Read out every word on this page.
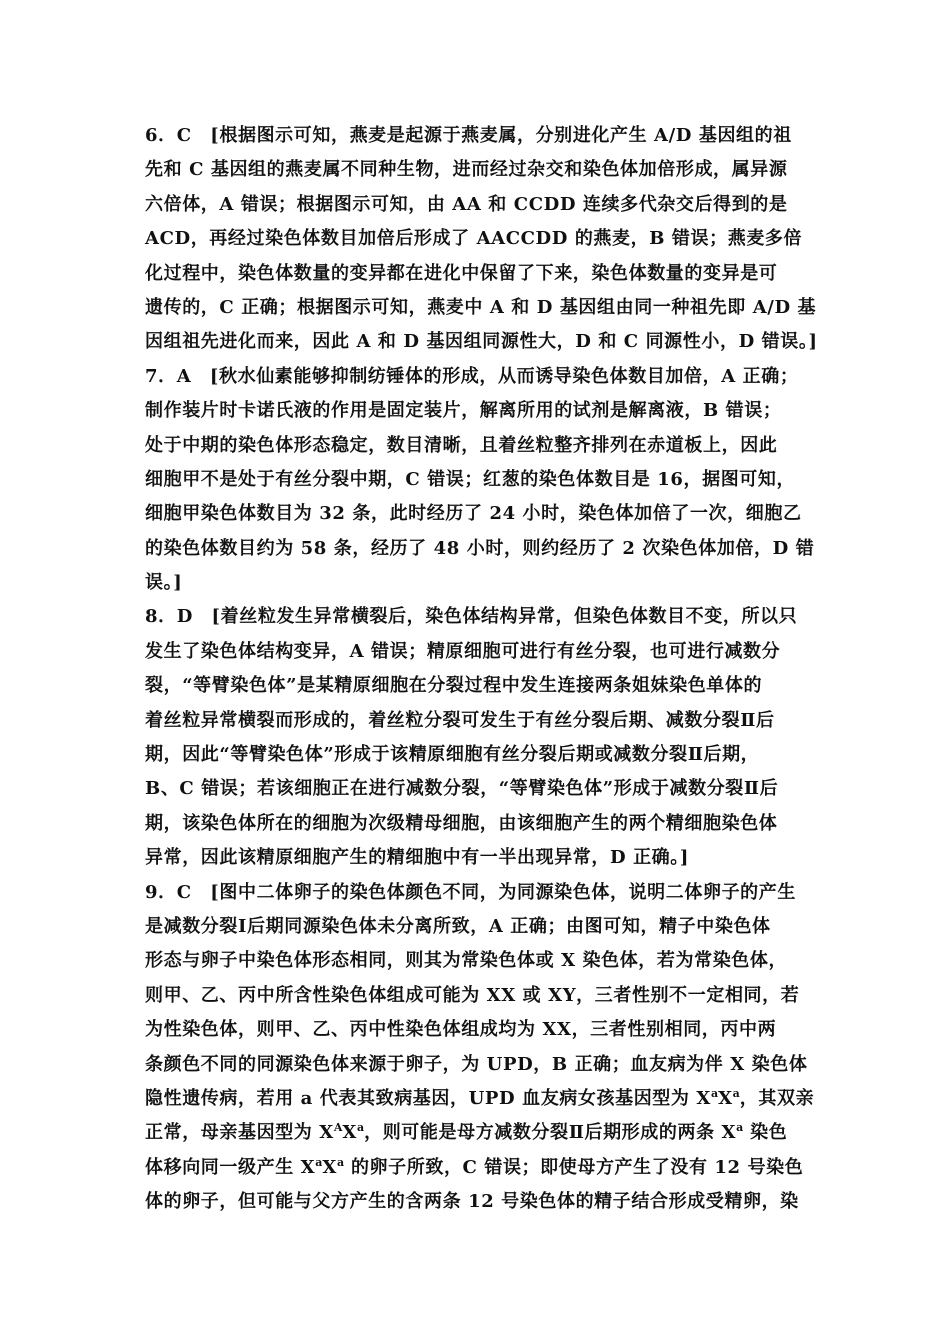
6．C　[根据图示可知，燕麦是起源于燕麦属，分别进化产生 A/D 基因组的祖
先和 C 基因组的燕麦属不同种生物，进而经过杂交和染色体加倍形成，属异源
六倍体，A 错误；根据图示可知，由 AA 和 CCDD 连续多代杂交后得到的是
ACD，再经过染色体数目加倍后形成了 AACCDD 的燕麦，B 错误；燕麦多倍
化过程中，染色体数量的变异都在进化中保留了下来，染色体数量的变异是可
遗传的，C 正确；根据图示可知，燕麦中 A 和 D 基因组由同一种祖先即 A/D 基
因组祖先进化而来，因此 A 和 D 基因组同源性大，D 和 C 同源性小，D 错误。]
7．A　[秋水仙素能够抑制纺锤体的形成，从而诱导染色体数目加倍，A 正确；
制作装片时卡诺氏液的作用是固定装片，解离所用的试剂是解离液，B 错误；
处于中期的染色体形态稳定，数目清晰，且着丝粒整齐排列在赤道板上，因此
细胞甲不是处于有丝分裂中期，C 错误；红葱的染色体数目是 16，据图可知，
细胞甲染色体数目为 32 条，此时经历了 24 小时，染色体加倍了一次，细胞乙
的染色体数目约为 58 条，经历了 48 小时，则约经历了 2 次染色体加倍，D 错
误。]
8．D　[着丝粒发生异常横裂后，染色体结构异常，但染色体数目不变，所以只
发生了染色体结构变异，A 错误；精原细胞可进行有丝分裂，也可进行减数分
裂，“等臂染色体”是某精原细胞在分裂过程中发生连接两条姐妹染色单体的
着丝粒异常横裂而形成的，着丝粒分裂可发生于有丝分裂后期、减数分裂Ⅱ后
期，因此“等臂染色体”形成于该精原细胞有丝分裂后期或减数分裂Ⅱ后期，
B、C 错误；若该细胞正在进行减数分裂，“等臂染色体”形成于减数分裂Ⅱ后
期，该染色体所在的细胞为次级精母细胞，由该细胞产生的两个精细胞染色体
异常，因此该精原细胞产生的精细胞中有一半出现异常，D 正确。]
9．C　[图中二体卵子的染色体颜色不同，为同源染色体，说明二体卵子的产生
是减数分裂Ⅰ后期同源染色体未分离所致，A 正确；由图可知，精子中染色体
形态与卵子中染色体形态相同，则其为常染色体或 X 染色体，若为常染色体，
则甲、乙、丙中所含性染色体组成可能为 XX 或 XY，三者性别不一定相同，若
为性染色体，则甲、乙、丙中性染色体组成均为 XX，三者性别相同，丙中两
条颜色不同的同源染色体来源于卵子，为 UPD，B 正确；血友病为伴 X 染色体
隐性遗传病，若用 a 代表其致病基因，UPD 血友病女孩基因型为 $X^aX^a$，其双亲
正常，母亲基因型为 $X^AX^a$，则可能是母方减数分裂Ⅱ后期形成的两条 $X^a$ 染色
体移向同一级产生 $X^aX^a$ 的卵子所致，C 错误；即使母方产生了没有 12 号染色
体的卵子，但可能与父方产生的含两条 12 号染色体的精子结合形成受精卵，染
